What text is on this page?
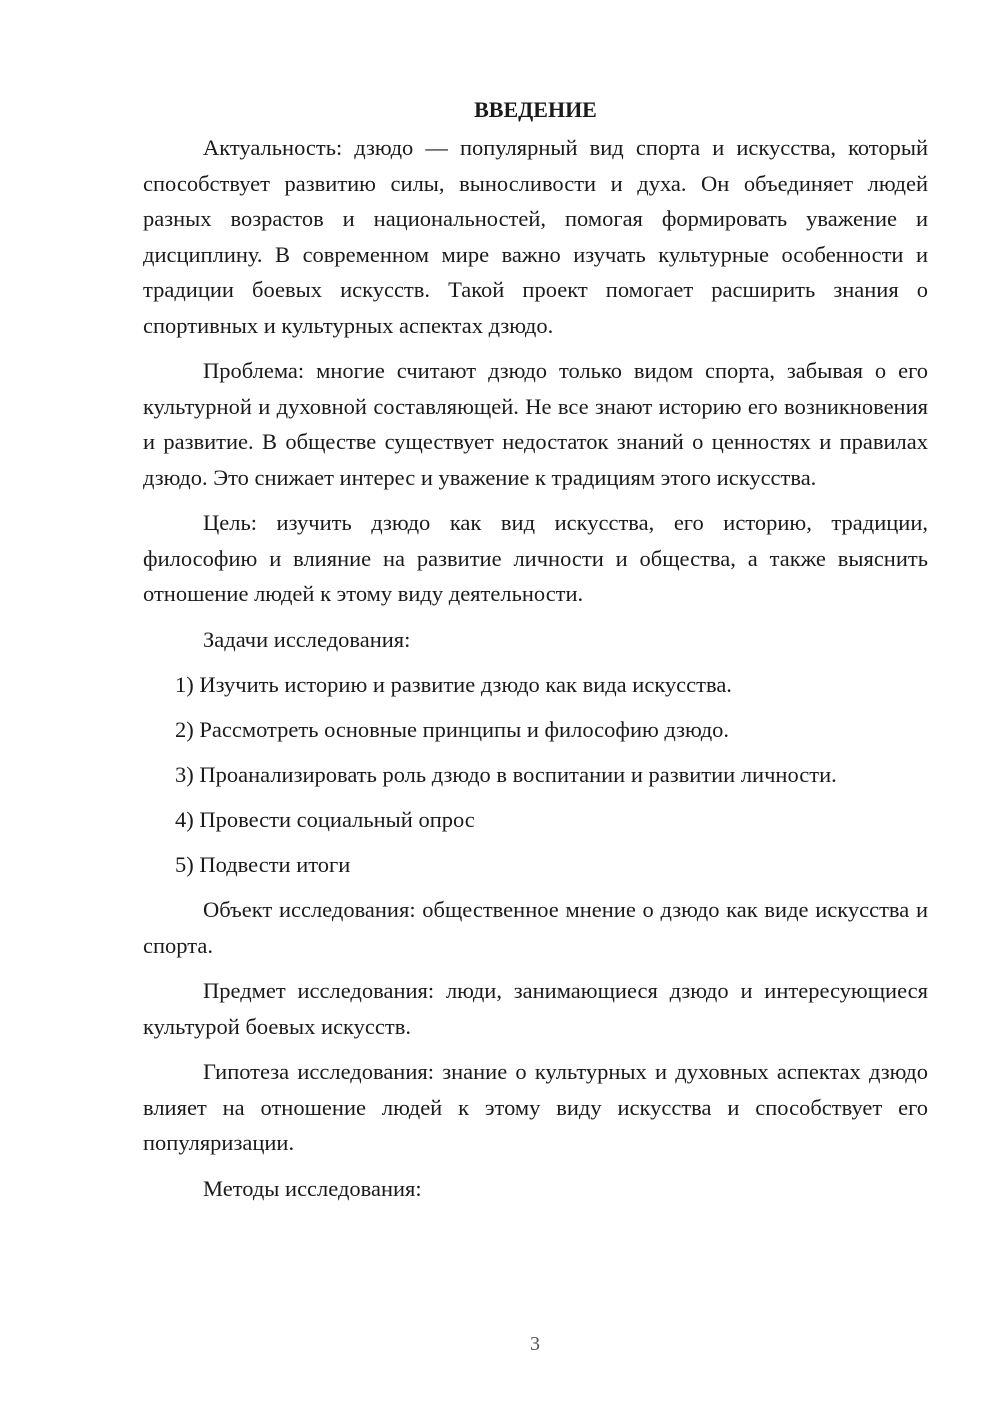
ВВЕДЕНИЕ

Актуальность: дзюдо — популярный вид спорта и искусства, который способствует развитию силы, выносливости и духа. Он объединяет людей разных возрастов и национальностей, помогая формировать уважение и дисциплину. В современном мире важно изучать культурные особенности и традиции боевых искусств. Такой проект помогает расширить знания о спортивных и культурных аспектах дзюдо.

Проблема: многие считают дзюдо только видом спорта, забывая о его культурной и духовной составляющей. Не все знают историю его возникновения и развитие. В обществе существует недостаток знаний о ценностях и правилах дзюдо. Это снижает интерес и уважение к традициям этого искусства.

Цель: изучить дзюдо как вид искусства, его историю, традиции, философию и влияние на развитие личности и общества, а также выяснить отношение людей к этому виду деятельности.

Задачи исследования:

1) Изучить историю и развитие дзюдо как вида искусства.

2) Рассмотреть основные принципы и философию дзюдо.

3) Проанализировать роль дзюдо в воспитании и развитии личности.

4) Провести социальный опрос

5) Подвести итоги

Объект исследования: общественное мнение о дзюдо как виде искусства и спорта.

Предмет исследования: люди, занимающиеся дзюдо и интересующиеся культурой боевых искусств.

Гипотеза исследования: знание о культурных и духовных аспектах дзюдо влияет на отношение людей к этому виду искусства и способствует его популяризации.

Методы исследования:

3
